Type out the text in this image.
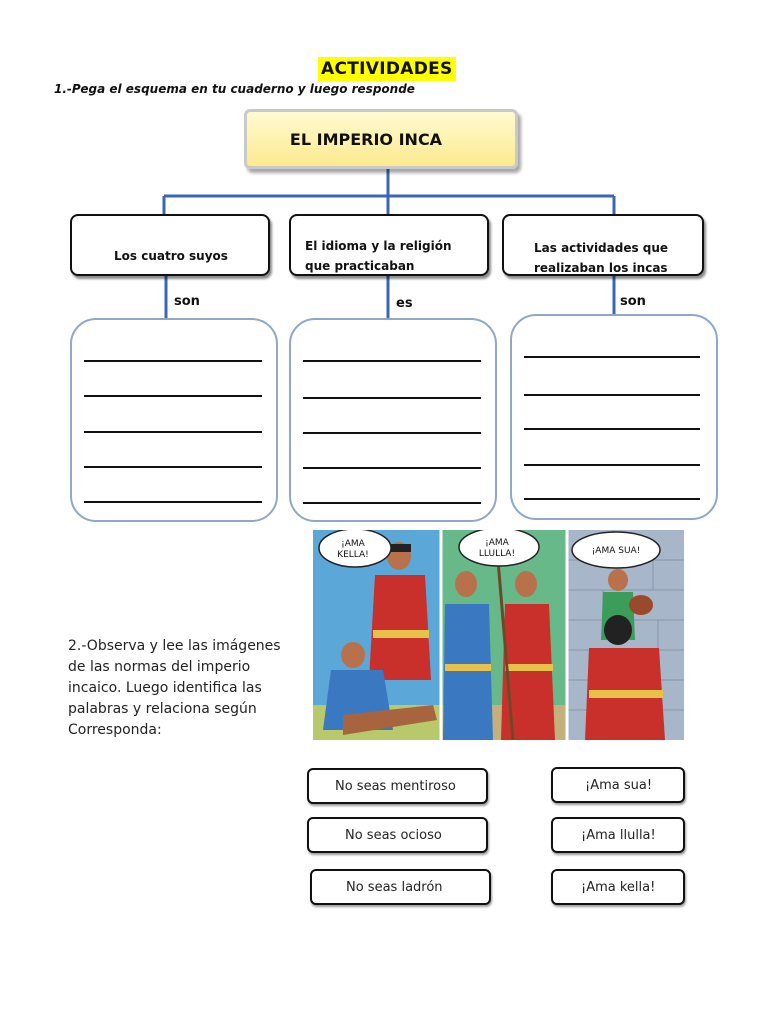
ACTIVIDADES
1.-Pega el esquema en tu cuaderno y luego responde
EL IMPERIO INCA
Los cuatro suyos
El idioma y la religión
que practicaban
Las actividades que
realizaban los incas
son	es	son
¡AMA
KELLA!
¡AMA
LLULLA!	¡AMA SUA!
2.-Observa y lee las imágenes
de las normas del imperio
incaico. Luego identifica las
palabras y relaciona según
Corresponda:
No seas mentiroso
No seas ocioso
No seas ladrón
¡Ama sua!
¡Ama llulla!
¡Ama kella!
